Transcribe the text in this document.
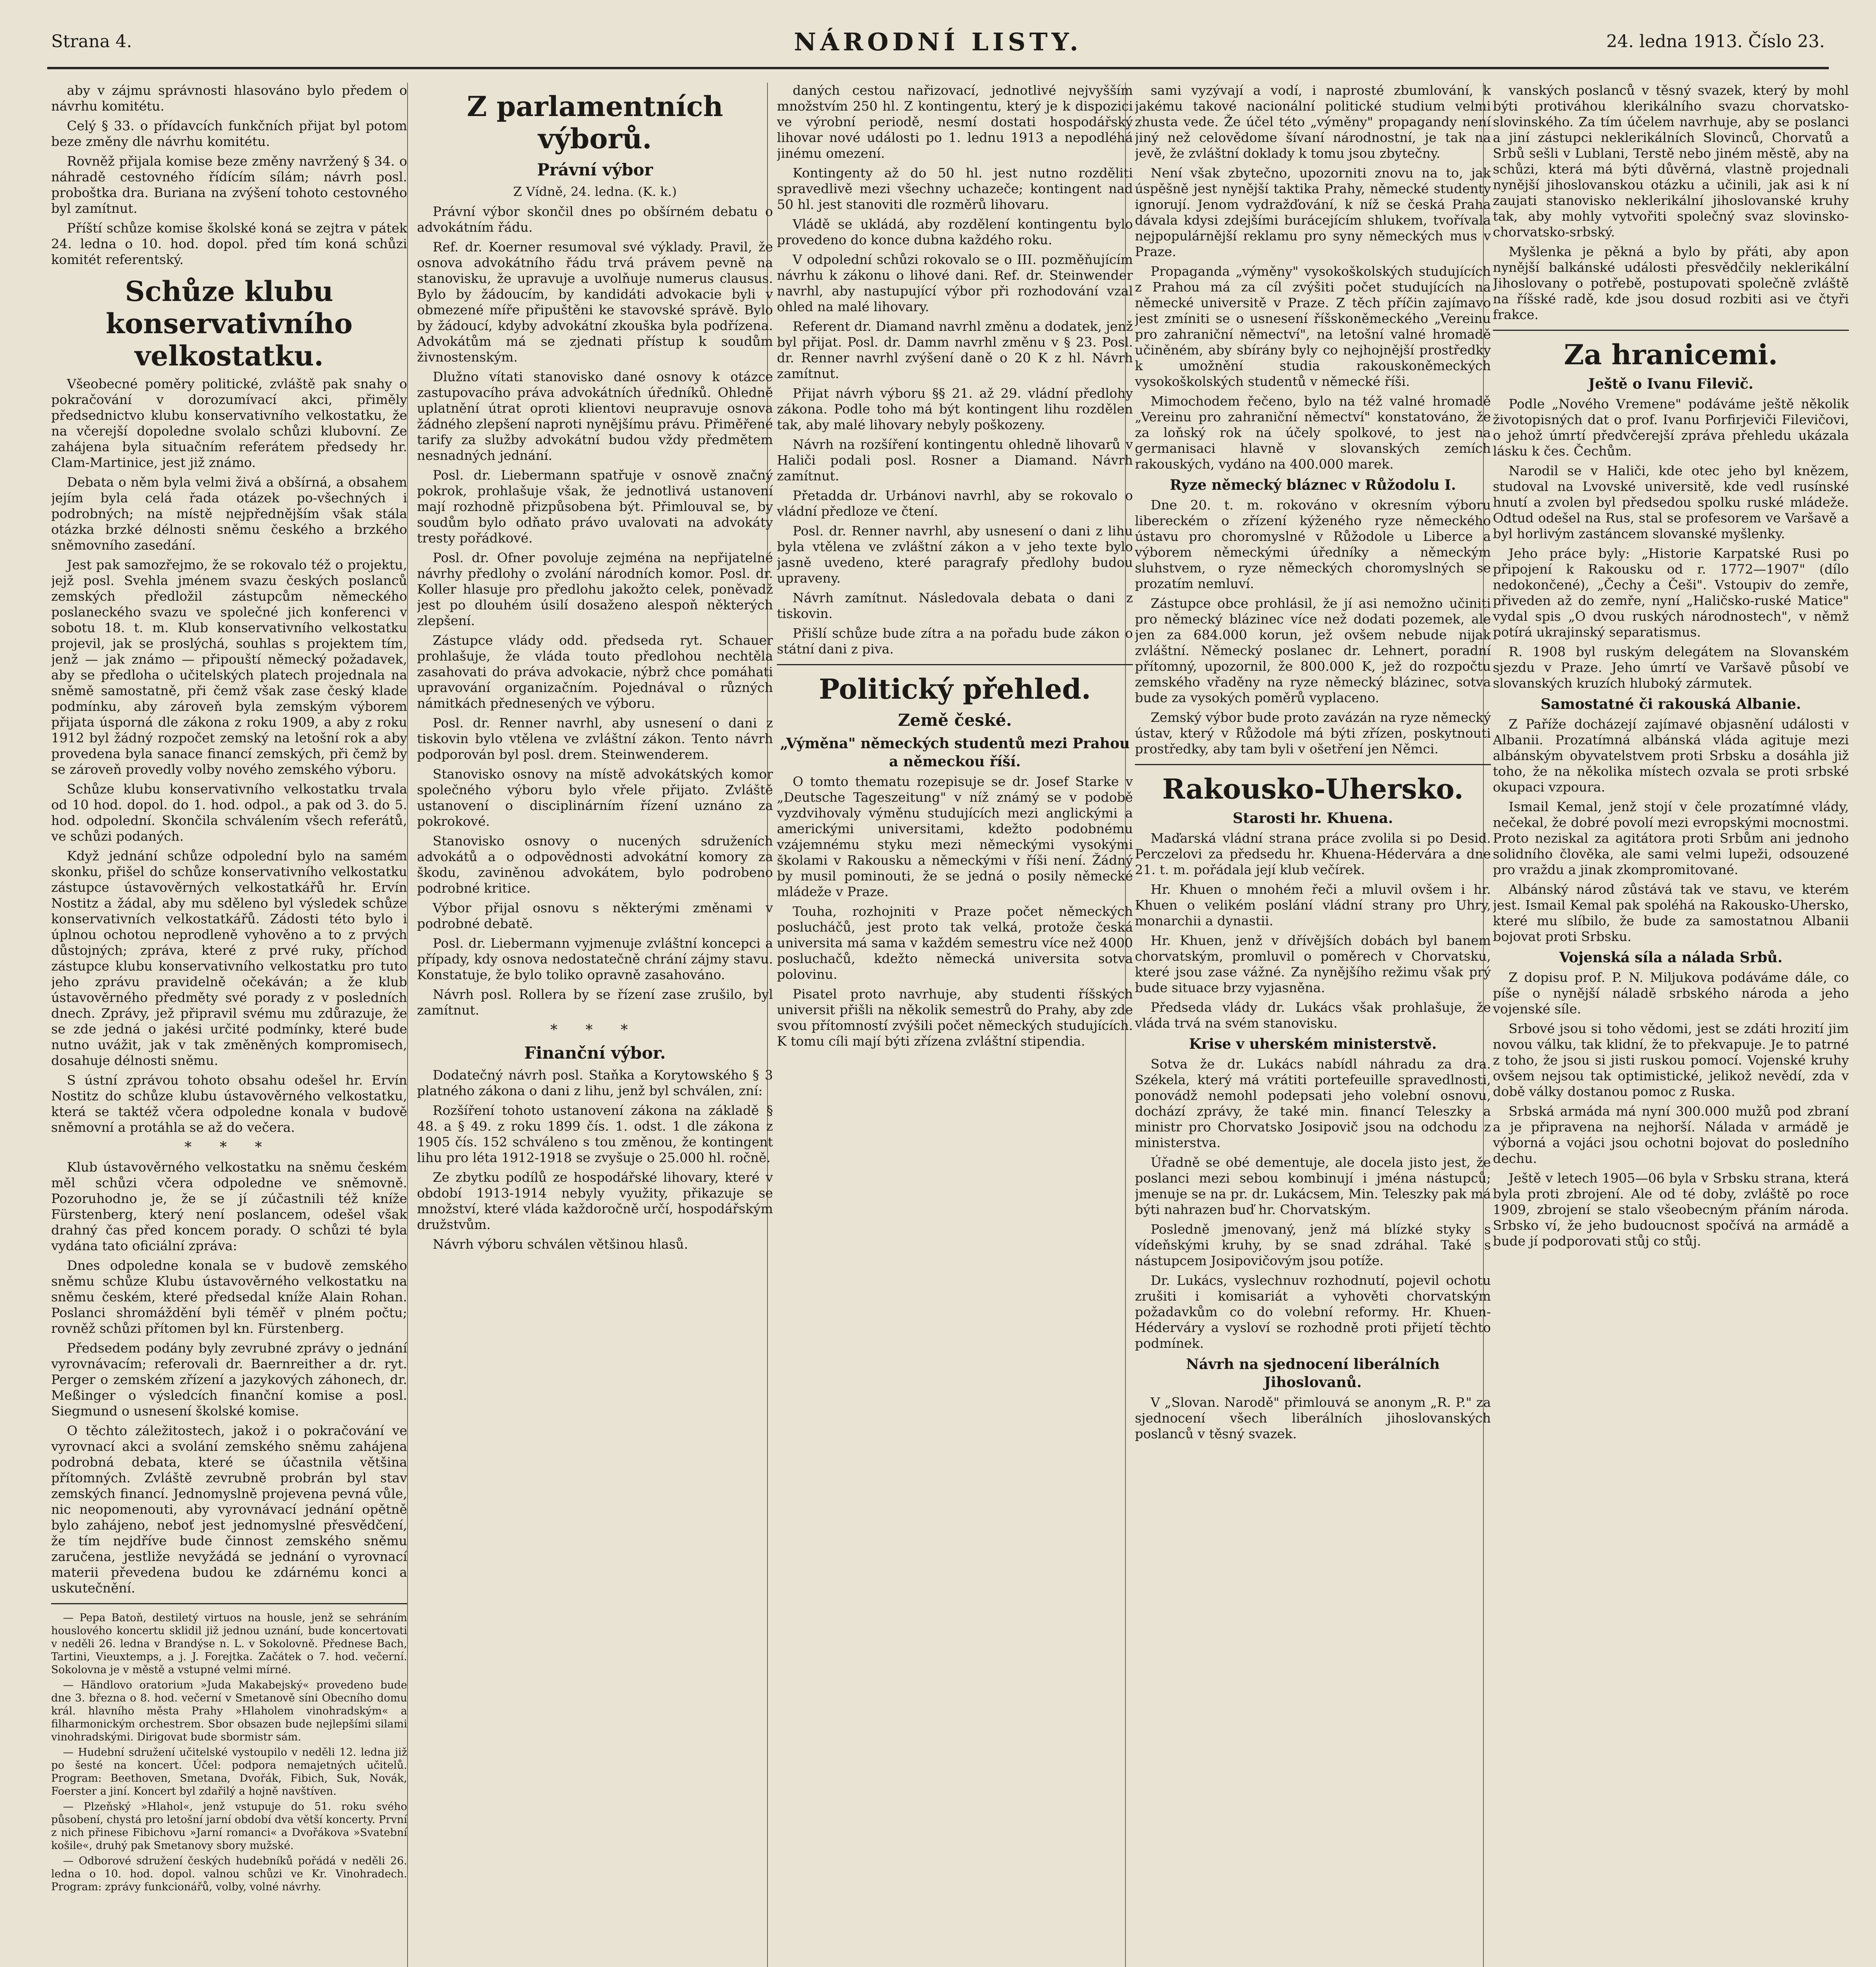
Strana 4.	NÁRODNÍ LISTY.	24. ledna 1913. Číslo 23.

aby v zájmu správnosti hlasováno bylo předem o návrhu komitétu.

Celý § 33. o přídavcích funkčních přijat byl potom beze změny dle návrhu komitétu.

Rovněž přijala komise beze změny navržený § 34. o náhradě cestovného řídícím sílám; návrh posl. proboštka dra. Buriana na zvýšení tohoto cestovného byl zamítnut.

Příští schůze komise školské koná se zejtra v pátek 24. ledna o 10. hod. dopol. před tím koná schůzi komitét referentský.

Schůze klubu konservativního velkostatku.

Všeobecné poměry politické, zvláště pak snahy o pokračování v dorozumívací akci, přiměly předsednictvo klubu konservativního velkostatku, že na včerejší dopoledne svolalo schůzi klubovní. Ze zahájena byla situačním referátem předsedy hr. Clam-Martinice, jest již známo.

Debata o něm byla velmi živá a obšírná, a obsahem jejím byla celá řada otázek po-všechných i podrobných; na místě nejpřednějším však stála otázka brzké délnosti sněmu českého a brzkého sněmovního zasedání.

Jest pak samozřejmo, že se rokovalo též o projektu, jejž posl. Svehla jménem svazu českých poslanců zemských předložil zástupcům německého poslaneckého svazu ve společné jich konferenci v sobotu 18. t. m. Klub konservativního velkostatku projevil, jak se proslýchá, souhlas s projektem tím, jenž — jak známo — připouští německý požadavek, aby se předloha o učitelských platech projednala na sněmě samostatně, při čemž však zase český klade podmínku, aby zároveň byla zemským výborem přijata úsporná dle zákona z roku 1909, a aby z roku 1912 byl žádný rozpočet zemský na letošní rok a aby provedena byla sanace financí zemských, při čemž by se zároveň provedly volby nového zemského výboru.

Schůze klubu konservativního velkostatku trvala od 10 hod. dopol. do 1. hod. odpol., a pak od 3. do 5. hod. odpolední. Skončila schválením všech referátů, ve schůzi podaných.

Když jednání schůze odpolední bylo na samém skonku, přišel do schůze konservativního velkostatku zástupce ústavověrných velkostatkářů hr. Ervín Nostitz a žádal, aby mu sděleno byl výsledek schůze konservativních velkostatkářů. Zádosti této bylo i úplnou ochotou neprodleně vyhověno a to z prvých důstojných; zpráva, které z prvé ruky, příchod zástupce klubu konservativního velkostatku pro tuto jeho zprávu pravidelně očekáván; a že klub ústavověrného předměty své porady z v posledních dnech. Zprávy, jež připravil svému mu zdůrazuje, že se zde jedná o jakési určité podmínky, které bude nutno uvážit, jak v tak změněných kompromisech, dosahuje délnosti sněmu.

S ústní zprávou tohoto obsahu odešel hr. Ervín Nostitz do schůze klubu ústavověrného velkostatku, která se taktéž včera odpoledne konala v budově sněmovní a protáhla se až do večera.

* * *

Klub ústavověrného velkostatku na sněmu českém měl schůzi včera odpoledne ve sněmovně. Pozoruhodno je, že se jí zúčastnili též kníže Fürstenberg, který není poslancem, odešel však drahný čas před koncem porady. O schůzi té byla vydána tato oficiální zpráva:

Dnes odpoledne konala se v budově zemského sněmu schůze Klubu ústavověrného velkostatku na sněmu českém, které předsedal kníže Alain Rohan. Poslanci shromáždění byli téměř v plném počtu; rovněž schůzi přítomen byl kn. Fürstenberg.

Předsedem podány byly zevrubné zprávy o jednání vyrovnávacím; referovali dr. Baernreither a dr. ryt. Perger o zemském zřízení a jazykových záhonech, dr. Meßinger o výsledcích finanční komise a posl. Siegmund o usnesení školské komise.

O těchto záležitostech, jakož i o pokračování ve vyrovnací akci a svolání zemského sněmu zahájena podrobná debata, které se účastnila většina přítomných. Zvláště zevrubně probrán byl stav zemských financí. Jednomyslně projevena pevná vůle, nic neopomenouti, aby vyrovnávací jednání opětně bylo zahájeno, neboť jest jednomyslné přesvědčení, že tím nejdříve bude činnost zemského sněmu zaručena, jestliže nevyžádá se jednání o vyrovnací materii převedena budou ke zdárnému konci a uskutečnění.

— Pepa Batoň, destiletý virtuos na housle, jenž se sehráním houslového koncertu sklidil již jednou uznání, bude koncertovati v neděli 26. ledna v Brandýse n. L. v Sokolovně. Přednese Bach, Tartini, Vieuxtemps, a j. J. Forejtka. Začátek o 7. hod. večerní. Sokolovna je v městě a vstupné velmi mírné.

— Händlovo oratorium »Juda Makabejský« provedeno bude dne 3. března o 8. hod. večerní v Smetanově síni Obecního domu král. hlavního města Prahy »Hlaholem vinohradským« a filharmonickým orchestrem. Sbor obsazen bude nejlepšími silami vinohradskými. Dirigovat bude sbormistr sám.

— Hudební sdružení učitelské vystoupilo v neděli 12. ledna již po šesté na koncert. Účel: podpora nemajetných učitelů. Program: Beethoven, Smetana, Dvořák, Fibich, Suk, Novák, Foerster a jiní. Koncert byl zdařilý a hojně navštíven.

— Plzeňský »Hlahol«, jenž vstupuje do 51. roku svého působení, chystá pro letošní jarní období dva větší koncerty. První z nich přinese Fibichovu »Jarní romanci« a Dvořákova »Svatební košile«, druhý pak Smetanovy sbory mužské.

— Odborové sdružení českých hudebníků pořádá v neděli 26. ledna o 10. hod. dopol. valnou schůzi ve Kr. Vinohradech. Program: zprávy funkcionářů, volby, volné návrhy.

Z parlamentních výborů.
Právní výbor
Z Vídně, 24. ledna. (K. k.)

Právní výbor skončil dnes po obšírném debatu o advokátním řádu.

Ref. dr. Koerner resumoval své výklady. Pravil, že osnova advokátního řádu trvá právem pevně na stanovisku, že upravuje a uvolňuje numerus clausus. Bylo by žádoucím, by kandidáti advokacie byli v obmezené míře připuštěni ke stavovské správě. Bylo by žádoucí, kdyby advokátní zkouška byla podřízena. Advokátům má se zjednati přístup k soudům živnostenským.

Dlužno vítati stanovisko dané osnovy k otázce zastupovacího práva advokátních úředníků. Ohledně uplatnění útrat oproti klientovi neupravuje osnova žádného zlepšení naproti nynějšímu právu. Přiměřené tarify za služby advokátní budou vždy předmětem nesnadných jednání.

Posl. dr. Liebermann spatřuje v osnově značný pokrok, prohlašuje však, že jednotlivá ustanovení mají rozhodně přizpůsobena být. Přimlouval se, by soudům bylo odňato právo uvalovati na advokáty tresty pořádkové.

Posl. dr. Ofner povoluje zejména na nepřijatelné návrhy předlohy o zvolání národních komor. Posl. dr. Koller hlasuje pro předlohu jakožto celek, poněvadž jest po dlouhém úsilí dosaženo alespoň některých zlepšení.

Zástupce vlády odd. předseda ryt. Schauer prohlašuje, že vláda touto předlohou nechtěla zasahovati do práva advokacie, nýbrž chce pomáhati upravování organizačním. Pojednával o různých námitkách přednesených ve výboru.

Posl. dr. Renner navrhl, aby usnesení o dani z tiskovin bylo vtělena ve zvláštní zákon. Tento návrh podporován byl posl. drem. Steinwenderem.

Stanovisko osnovy na místě advokátských komor společného výboru bylo vřele přijato. Zvláště ustanovení o disciplinárním řízení uznáno za pokrokové.

Stanovisko osnovy o nucených sdruženích advokátů a o odpovědnosti advokátní komory za škodu, zaviněnou advokátem, bylo podrobeno podrobné kritice.

Výbor přijal osnovu s některými změnami v podrobné debatě.

Posl. dr. Liebermann vyjmenuje zvláštní koncepci a případy, kdy osnova nedostatečně chrání zájmy stavu. Konstatuje, že bylo toliko opravně zasahováno.

Návrh posl. Rollera by se řízení zase zrušilo, byl zamítnut.

* * *
Finanční výbor.

Dodatečný návrh posl. Staňka a Korytowského § 3 platného zákona o dani z lihu, jenž byl schválen, zní:

Rozšíření tohoto ustanovení zákona na základě § 48. a § 49. z roku 1899 čís. 1. odst. 1 dle zákona z 1905 čís. 152 schváleno s tou změnou, že kontingent lihu pro léta 1912-1918 se zvyšuje o 25.000 hl. ročně.

Ze zbytku podílů ze hospodářské lihovary, které v období 1913-1914 nebyly využity, přikazuje se množství, které vláda každoročně určí, hospodářským družstvům.

Návrh výboru schválen většinou hlasů.

daných cestou nařizovací, jednotlivé nejvyšším množstvím 250 hl. Z kontingentu, který je k dispozici ve výrobní periodě, nesmí dostati hospodářský lihovar nové události po 1. lednu 1913 a nepodléhá jinému omezení.

Kontingenty až do 50 hl. jest nutno rozděliti spravedlivě mezi všechny uchazeče; kontingent nad 50 hl. jest stanoviti dle rozměrů lihovaru.

Vládě se ukládá, aby rozdělení kontingentu bylo provedeno do konce dubna každého roku.

V odpolední schůzi rokovalo se o III. pozměňujícím návrhu k zákonu o lihové dani. Ref. dr. Steinwender navrhl, aby nastupující výbor při rozhodování vzal ohled na malé lihovary.

Referent dr. Diamand navrhl změnu a dodatek, jenž byl přijat. Posl. dr. Damm navrhl změnu v § 23. Posl. dr. Renner navrhl zvýšení daně o 20 K z hl. Návrh zamítnut.

Přijat návrh výboru §§ 21. až 29. vládní předlohy zákona. Podle toho má být kontingent lihu rozdělen tak, aby malé lihovary nebyly poškozeny.

Návrh na rozšíření kontingentu ohledně lihovarů v Haliči podali posl. Rosner a Diamand. Návrh zamítnut.

Přetadda dr. Urbánovi navrhl, aby se rokovalo o vládní předloze ve čtení.

Posl. dr. Renner navrhl, aby usnesení o dani z lihu byla vtělena ve zvláštní zákon a v jeho texte bylo jasně uvedeno, které paragrafy předlohy budou upraveny.

Návrh zamítnut. Následovala debata o dani z tiskovin.

Přišlí schůze bude zítra a na pořadu bude zákon o státní dani z piva.

Politický přehled.
Země české.
„Výměna" německých studentů mezi Prahou a německou říší.

O tomto thematu rozepisuje se dr. Josef Starke v „Deutsche Tageszeitung" v níž známý se v podobě vyzdvihovaly výměnu studujících mezi anglickými a americkými universitami, kdežto podobnému vzájemnému styku mezi německými vysokými školami v Rakousku a německými v říši není. Žádný by musil pominouti, že se jedná o posily německé mládeže v Praze.

Touha, rozhojniti v Praze počet německých poslucháčů, jest proto tak velká, protože česká universita má sama v každém semestru více než 4000 posluchačů, kdežto německá universita sotva polovinu.

Pisatel proto navrhuje, aby studenti říšských universit přišli na několik semestrů do Prahy, aby zde svou přítomností zvýšili počet německých studujících. K tomu cíli mají býti zřízena zvláštní stipendia.

sami vyzývají a vodí, i naprosté zbumlování, k jakému takové nacionální politické studium velmi zhusta vede. Že účel této „výměny" propagandy není jiný než celovědome šívaní národnostní, je tak na jevě, že zvláštní doklady k tomu jsou zbytečny.

Není však zbytečno, upozorniti znovu na to, jak úspěšně jest nynější taktika Prahy, německé studenty ignorují. Jenom vydražďování, k níž se česká Praha dávala kdysi zdejšími burácejícím shlukem, tvořívala nejpopulárnější reklamu pro syny německých mus v Praze.

Propaganda „výměny" vysokoškolských studujících z Prahou má za cíl zvýšiti počet studujících na německé universitě v Praze. Z těch příčin zajímavo jest zmíniti se o usnesení říšskoněmeckého „Vereinu pro zahraniční němectví", na letošní valné hromadě učiněném, aby sbírány byly co nejhojnější prostředky k umožnění studia rakouskoněmeckých vysokoškolských studentů v německé říši.

Mimochodem řečeno, bylo na též valné hromadě „Vereinu pro zahraniční němectví" konstatováno, že za loňský rok na účely spolkové, to jest na germanisaci hlavně v slovanských zemích rakouských, vydáno na 400.000 marek.

Ryze německý bláznec v Růžodolu I.

Dne 20. t. m. rokováno v okresním výboru libereckém o zřízení kýženého ryze německého ústavu pro choromyslné v Růžodole u Liberce a výborem německými úředníky a německým sluhstvem, o ryze německých choromyslných se prozatím nemluví.

Zástupce obce prohlásil, že jí asi nemožno učiniti pro německý blázinec více než dodati pozemek, ale jen za 684.000 korun, jež ovšem nebude nijak zvláštní. Německý poslanec dr. Lehnert, poradní přítomný, upozornil, že 800.000 K, jež do rozpočtu zemského vřaděny na ryze německý blázinec, sotva bude za vysokých poměrů vyplaceno.

Zemský výbor bude proto zavázán na ryze německý ústav, který v Růžodole má býti zřízen, poskytnouti prostředky, aby tam byli v ošetření jen Němci.

Rakousko-Uhersko.
Starosti hr. Khuena.

Maďarská vládní strana práce zvolila si po Desid. Perczelovi za předsedu hr. Khuena-Hédervára a dne 21. t. m. pořádala její klub večírek.

Hr. Khuen o mnohém řeči a mluvil ovšem i hr. Khuen o velikém poslání vládní strany pro Uhry, monarchii a dynastii.

Hr. Khuen, jenž v dřívějších dobách byl banem chorvatským, promluvil o poměrech v Chorvatsku, které jsou zase vážné. Za nynějšího režimu však prý bude situace brzy vyjasněna.

Předseda vlády dr. Lukács však prohlašuje, že vláda trvá na svém stanovisku.

Krise v uherském ministerstvě.

Sotva že dr. Lukács nabídl náhradu za dra. Székela, který má vrátiti portefeuille spravedlnosti, ponovádž nemohl podepsati jeho volební osnovu, dochází zprávy, že také min. financí Teleszky a ministr pro Chorvatsko Josipovič jsou na odchodu z ministerstva.

Úřadně se obé dementuje, ale docela jisto jest, že poslanci mezi sebou kombinují i jména nástupců; jmenuje se na pr. dr. Lukácsem, Min. Teleszky pak má býti nahrazen buď hr. Chorvatským.

Posledně jmenovaný, jenž má blízké styky s vídeňskými kruhy, by se snad zdráhal. Také s nástupcem Josipovičovým jsou potíže.

Dr. Lukács, vyslechnuv rozhodnutí, pojevil ochotu zrušiti i komisariát a vyhověti chorvatským požadavkům co do volební reformy. Hr. Khuen-Héderváry a vysloví se rozhodně proti přijetí těchto podmínek.

Návrh na sjednocení liberálních Jihoslovanů.

V „Slovan. Narodě" přimlouvá se anonym „R. P." za sjednocení všech liberálních jihoslovanských poslanců v těsný svazek.

vanských poslanců v těsný svazek, který by mohl býti protiváhou klerikálního svazu chorvatsko-slovinského. Za tím účelem navrhuje, aby se poslanci a jiní zástupci neklerikálních Slovinců, Chorvatů a Srbů sešli v Lublani, Terstě nebo jiném městě, aby na schůzi, která má býti důvěrná, vlastně projednali nynější jihoslovanskou otázku a učinili, jak asi k ní zaujati stanovisko neklerikální jihoslovanské kruhy tak, aby mohly vytvořiti společný svaz slovinsko-chorvatsko-srbský.

Myšlenka je pěkná a bylo by přáti, aby apon nynější balkánské události přesvědčily neklerikální Jihoslovany o potřebě, postupovati společně zvláště na říšské radě, kde jsou dosud rozbiti asi ve čtyři frakce.

Za hranicemi.
Ještě o Ivanu Filevič.

Podle „Nového Vremene" podáváme ještě několik životopisných dat o prof. Ivanu Porfirjeviči Filevičovi, o jehož úmrtí předvčerejší zpráva přehledu ukázala lásku k čes. Čechům.

Narodil se v Haliči, kde otec jeho byl knězem, studoval na Lvovské universitě, kde vedl rusínské hnutí a zvolen byl předsedou spolku ruské mládeže. Odtud odešel na Rus, stal se profesorem ve Varšavě a byl horlivým zastáncem slovanské myšlenky.

Jeho práce byly: „Historie Karpatské Rusi po připojení k Rakousku od r. 1772—1907" (dílo nedokončené), „Čechy a Češi". Vstoupiv do zemře, přiveden až do zemře, nyní „Haličsko-ruské Matice" vydal spis „O dvou ruských národnostech", v němž potírá ukrajinský separatismus.

R. 1908 byl ruským delegátem na Slovanském sjezdu v Praze. Jeho úmrtí ve Varšavě působí ve slovanských kruzích hluboký zármutek.

Samostatné či rakouská Albanie.

Z Paříže docházejí zajímavé objasnění události v Albanii. Prozatímná albánská vláda agituje mezi albánským obyvatelstvem proti Srbsku a dosáhla již toho, že na několika místech ozvala se proti srbské okupaci vzpoura.

Ismail Kemal, jenž stojí v čele prozatímné vlády, nečekal, že dobré povolí mezi evropskými mocnostmi. Proto neziskal za agitátora proti Srbům ani jednoho solidního člověka, ale sami velmi lupeži, odsouzené pro vraždu a jinak zkompromitované.

Albánský národ zůstává tak ve stavu, ve kterém jest. Ismail Kemal pak spoléhá na Rakousko-Uhersko, které mu slíbilo, že bude za samostatnou Albanii bojovat proti Srbsku.

Vojenská síla a nálada Srbů.

Z dopisu prof. P. N. Miljukova podáváme dále, co píše o nynější náladě srbského národa a jeho vojenské síle.

Srbové jsou si toho vědomi, jest se zdáti hrozití jim novou válku, tak klidní, že to překvapuje. Je to patrné z toho, že jsou si jisti ruskou pomocí. Vojenské kruhy ovšem nejsou tak optimistické, jelikož nevědí, zda v době války dostanou pomoc z Ruska.

Srbská armáda má nyní 300.000 mužů pod zbraní a je připravena na nejhorší. Nálada v armádě je výborná a vojáci jsou ochotni bojovat do posledního dechu.

Ještě v letech 1905—06 byla v Srbsku strana, která byla proti zbrojení. Ale od té doby, zvláště po roce 1909, zbrojení se stalo všeobecným přáním národa. Srbsko ví, že jeho budoucnost spočívá na armádě a bude jí podporovati stůj co stůj.
